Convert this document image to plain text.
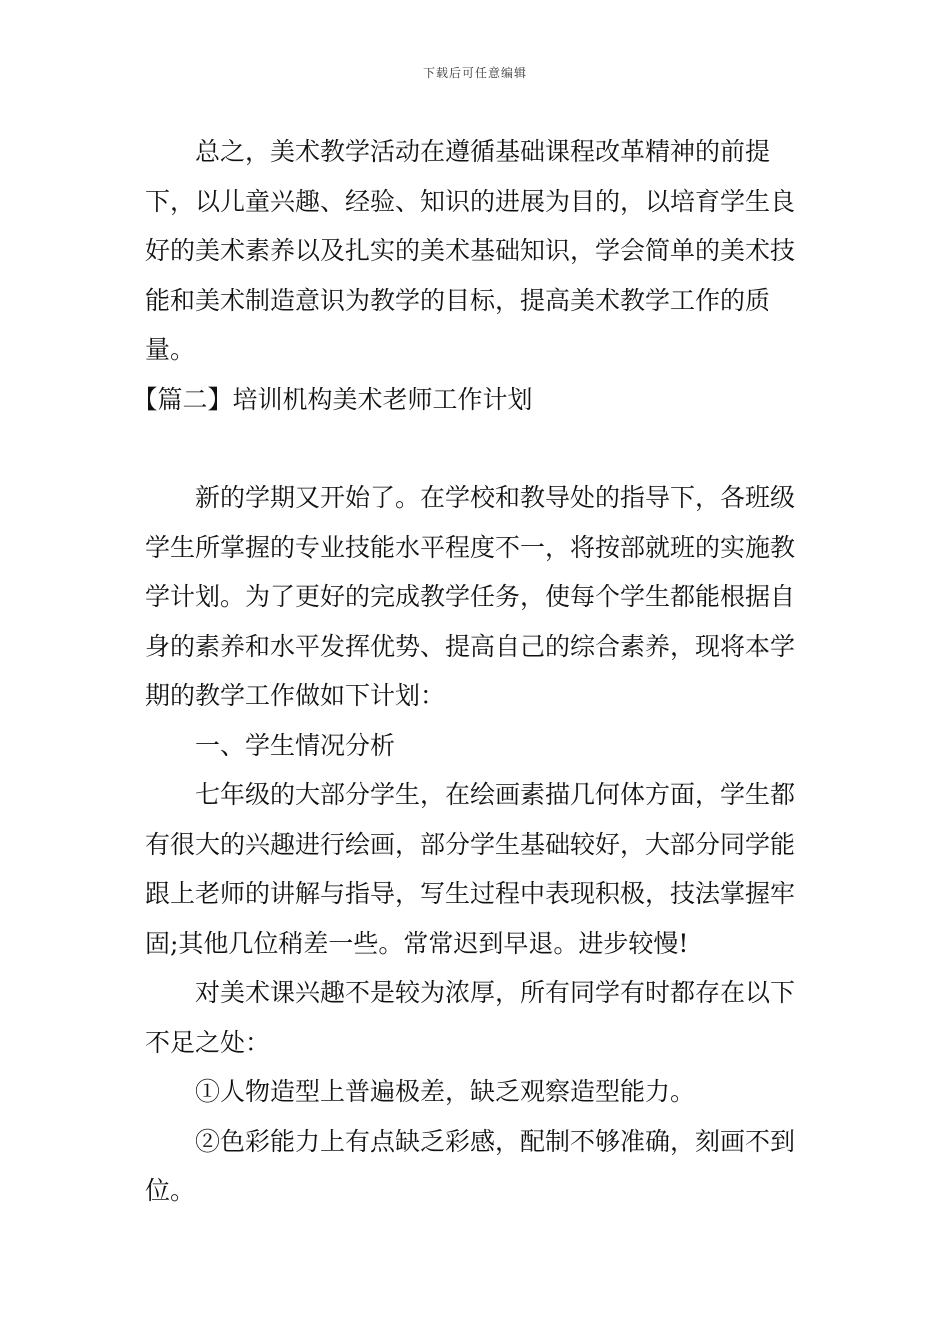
下载后可任意编辑

总之，美术教学活动在遵循基础课程改革精神的前提下，以儿童兴趣、经验、知识的进展为目的，以培育学生良好的美术素养以及扎实的美术基础知识，学会简单的美术技能和美术制造意识为教学的目标，提高美术教学工作的质量。

【篇二】培训机构美术老师工作计划

新的学期又开始了。在学校和教导处的指导下，各班级学生所掌握的专业技能水平程度不一，将按部就班的实施教学计划。为了更好的完成教学任务，使每个学生都能根据自身的素养和水平发挥优势、提高自己的综合素养，现将本学期的教学工作做如下计划：

一、学生情况分析

七年级的大部分学生，在绘画素描几何体方面，学生都有很大的兴趣进行绘画，部分学生基础较好，大部分同学能跟上老师的讲解与指导，写生过程中表现积极，技法掌握牢固;其他几位稍差一些。常常迟到早退。进步较慢!

对美术课兴趣不是较为浓厚，所有同学有时都存在以下不足之处：

①人物造型上普遍极差，缺乏观察造型能力。

②色彩能力上有点缺乏彩感，配制不够准确，刻画不到位。
